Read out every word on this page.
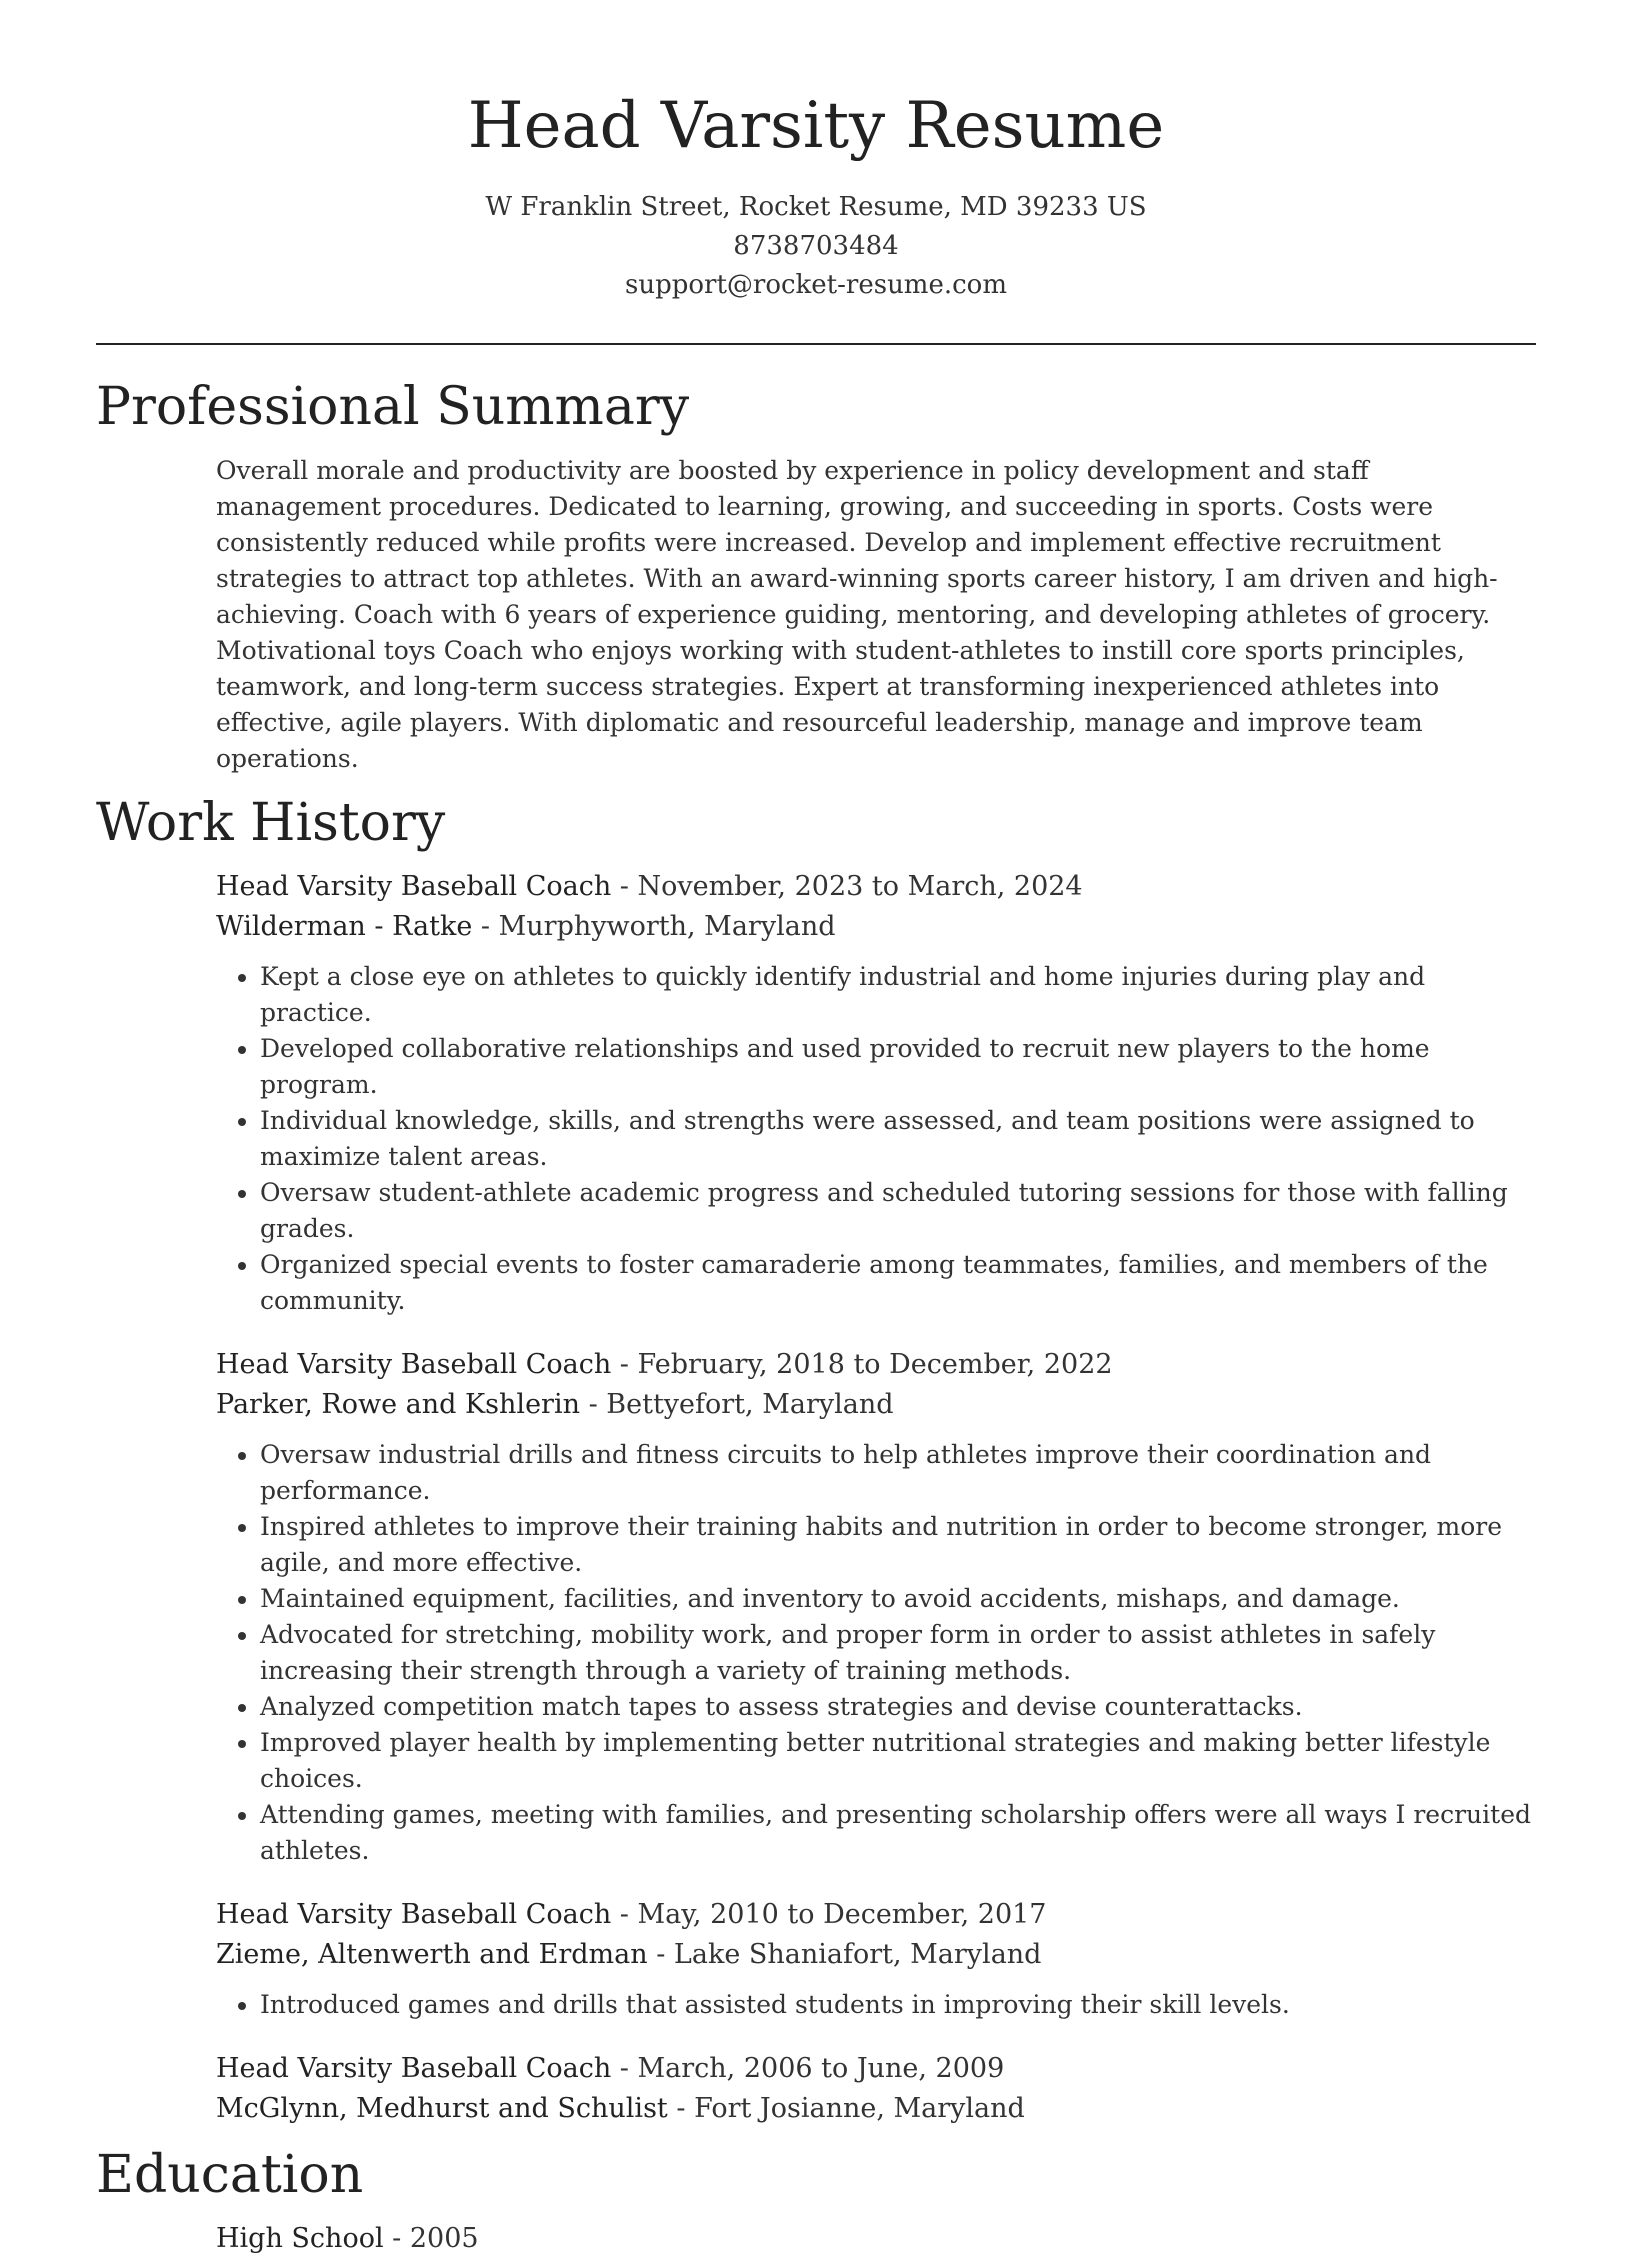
Head Varsity Resume
W Franklin Street, Rocket Resume, MD 39233 US
8738703484
support@rocket-resume.com
Professional Summary

Overall morale and productivity are boosted by experience in policy development and staff management procedures. Dedicated to learning, growing, and succeeding in sports. Costs were consistently reduced while profits were increased. Develop and implement effective recruitment strategies to attract top athletes. With an award-winning sports career history, I am driven and high-achieving. Coach with 6 years of experience guiding, mentoring, and developing athletes of grocery. Motivational toys Coach who enjoys working with student-athletes to instill core sports principles, teamwork, and long-term success strategies. Expert at transforming inexperienced athletes into effective, agile players. With diplomatic and resourceful leadership, manage and improve team operations.

Work History
Head Varsity Baseball Coach - November, 2023 to March, 2024
Wilderman - Ratke - Murphyworth, Maryland
• Kept a close eye on athletes to quickly identify industrial and home injuries during play and practice.
• Developed collaborative relationships and used provided to recruit new players to the home program.
• Individual knowledge, skills, and strengths were assessed, and team positions were assigned to maximize talent areas.
• Oversaw student-athlete academic progress and scheduled tutoring sessions for those with falling grades.
• Organized special events to foster camaraderie among teammates, families, and members of the community.
Head Varsity Baseball Coach - February, 2018 to December, 2022
Parker, Rowe and Kshlerin - Bettyefort, Maryland
• Oversaw industrial drills and fitness circuits to help athletes improve their coordination and performance.
• Inspired athletes to improve their training habits and nutrition in order to become stronger, more agile, and more effective.
• Maintained equipment, facilities, and inventory to avoid accidents, mishaps, and damage.
• Advocated for stretching, mobility work, and proper form in order to assist athletes in safely increasing their strength through a variety of training methods.
• Analyzed competition match tapes to assess strategies and devise counterattacks.
• Improved player health by implementing better nutritional strategies and making better lifestyle choices.
• Attending games, meeting with families, and presenting scholarship offers were all ways I recruited athletes.
Head Varsity Baseball Coach - May, 2010 to December, 2017
Zieme, Altenwerth and Erdman - Lake Shaniafort, Maryland
• Introduced games and drills that assisted students in improving their skill levels.
Head Varsity Baseball Coach - March, 2006 to June, 2009
McGlynn, Medhurst and Schulist - Fort Josianne, Maryland
Education
High School - 2005
